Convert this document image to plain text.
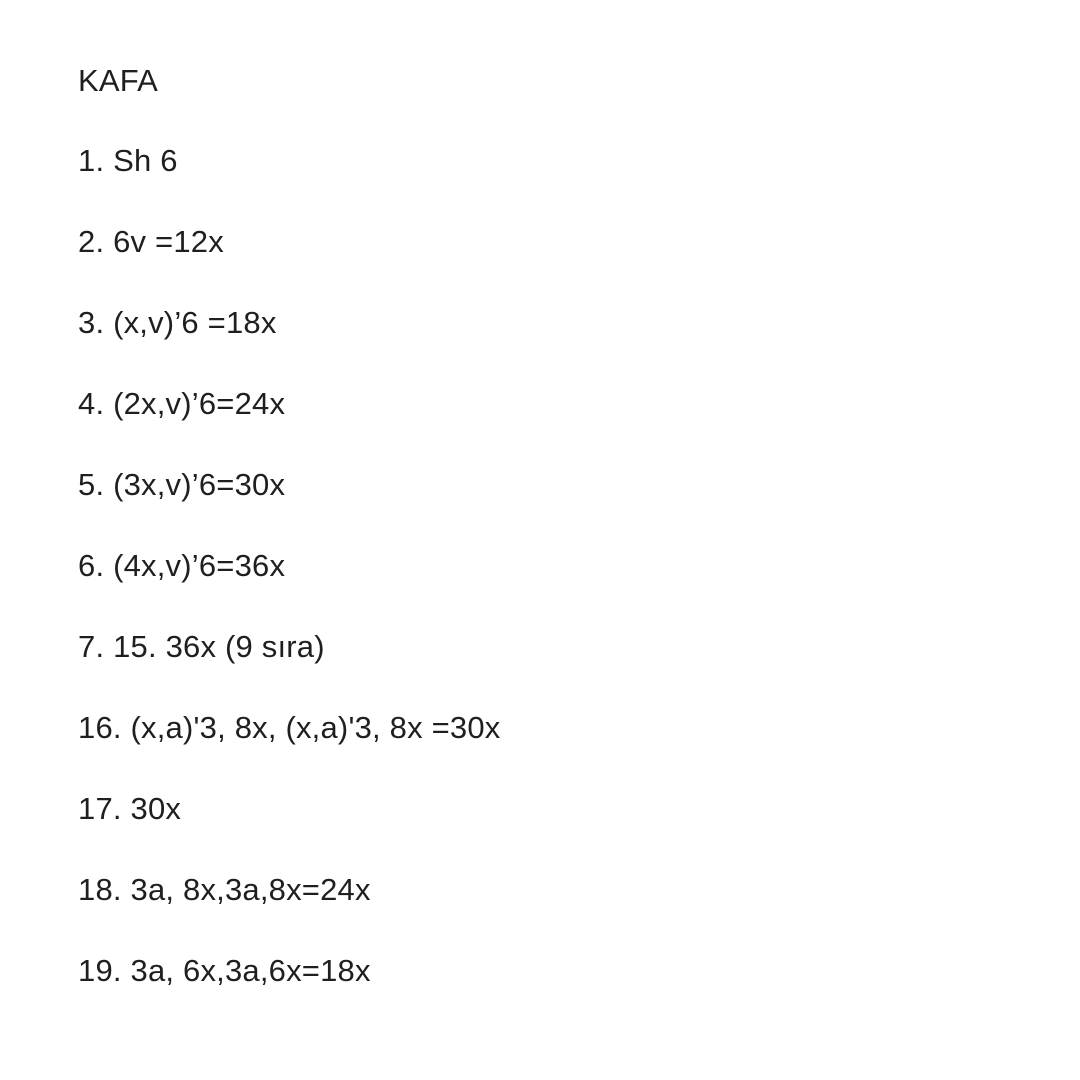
KAFA
1. Sh 6
2. 6v =12x
3. (x,v)’6 =18x
4. (2x,v)’6=24x
5. (3x,v)’6=30x
6. (4x,v)’6=36x
7. 15. 36x (9 sıra)
16. (x,a)'3, 8x, (x,a)'3, 8x =30x
17. 30x
18. 3a, 8x,3a,8x=24x
19. 3a, 6x,3a,6x=18x
